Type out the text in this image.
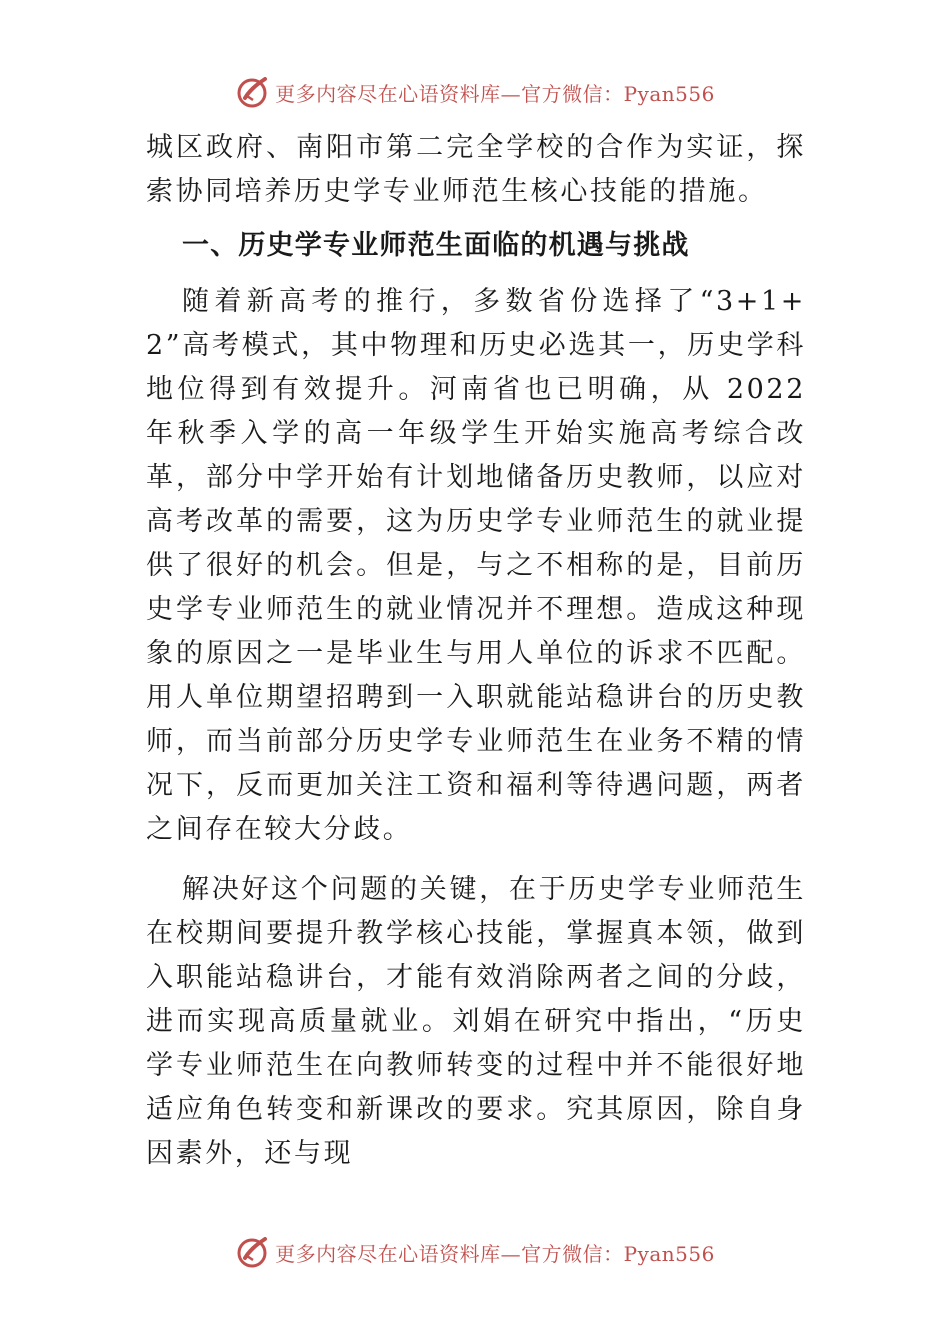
更多内容尽在心语资料库—官方微信：Pyan556

城区政府、南阳市第二完全学校的合作为实证，探索协同培养历史学专业师范生核心技能的措施。

一、历史学专业师范生面临的机遇与挑战

随着新高考的推行，多数省份选择了“3+1+2”高考模式，其中物理和历史必选其一，历史学科地位得到有效提升。河南省也已明确，从 2022 年秋季入学的高一年级学生开始实施高考综合改革，部分中学开始有计划地储备历史教师，以应对高考改革的需要，这为历史学专业师范生的就业提供了很好的机会。但是，与之不相称的是，目前历史学专业师范生的就业情况并不理想。造成这种现象的原因之一是毕业生与用人单位的诉求不匹配。用人单位期望招聘到一入职就能站稳讲台的历史教师，而当前部分历史学专业师范生在业务不精的情况下，反而更加关注工资和福利等待遇问题，两者之间存在较大分歧。

解决好这个问题的关键，在于历史学专业师范生在校期间要提升教学核心技能，掌握真本领，做到入职能站稳讲台，才能有效消除两者之间的分歧，进而实现高质量就业。刘娟在研究中指出，“历史学专业师范生在向教师转变的过程中并不能很好地适应角色转变和新课改的要求。究其原因，除自身因素外，还与现

更多内容尽在心语资料库—官方微信：Pyan556
